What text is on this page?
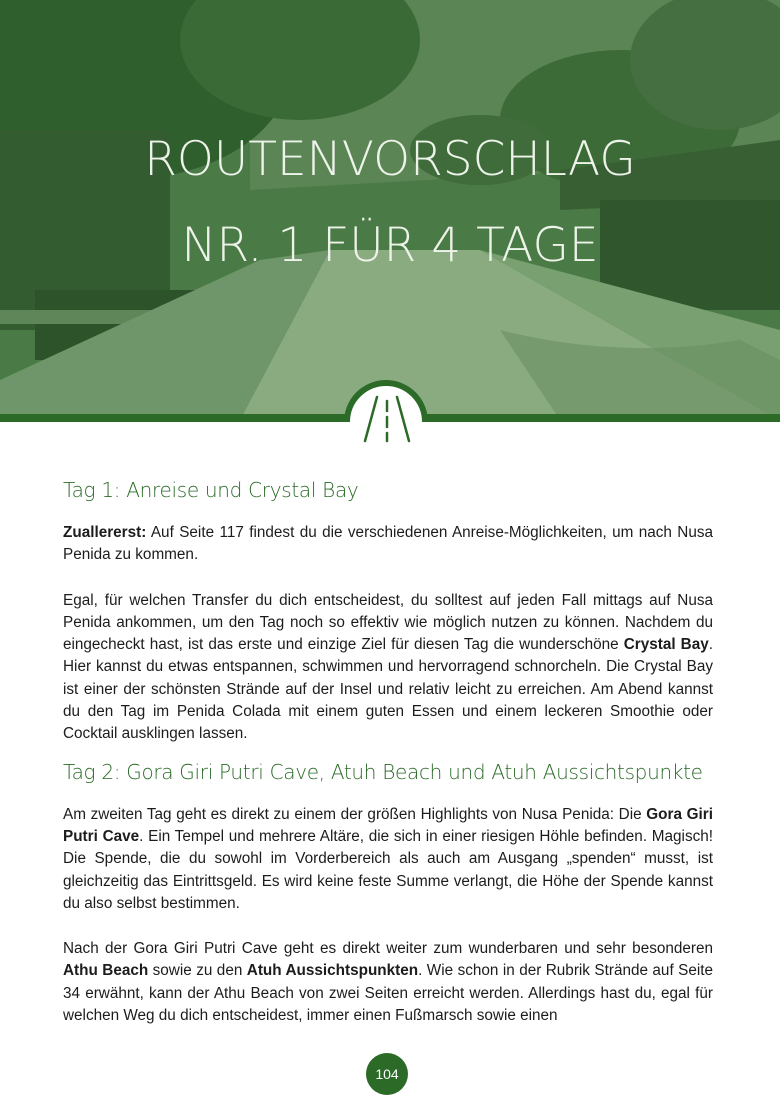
ROUTENVORSCHLAG
NR. 1 FÜR 4 TAGE
Tag 1: Anreise und Crystal Bay

Zuallererst: Auf Seite 117 findest du die verschiedenen Anreise-Möglichkeiten, um nach Nusa Penida zu kommen.

Egal, für welchen Transfer du dich entscheidest, du solltest auf jeden Fall mittags auf Nusa Penida ankommen, um den Tag noch so effektiv wie möglich nutzen zu können. Nachdem du eingecheckt hast, ist das erste und einzige Ziel für diesen Tag die wunderschöne Crystal Bay. Hier kannst du etwas entspannen, schwimmen und hervorragend schnorcheln. Die Crystal Bay ist einer der schönsten Strände auf der Insel und relativ leicht zu erreichen. Am Abend kannst du den Tag im Penida Colada mit einem guten Essen und einem leckeren Smoothie oder Cocktail ausklingen lassen.

Tag 2: Gora Giri Putri Cave, Atuh Beach und Atuh Aussichtspunkte

Am zweiten Tag geht es direkt zu einem der größen Highlights von Nusa Penida: Die Gora Giri Putri Cave. Ein Tempel und mehrere Altäre, die sich in einer riesigen Höhle befinden. Magisch! Die Spende, die du sowohl im Vorderbereich als auch am Ausgang „spenden“ musst, ist gleichzeitig das Eintrittsgeld. Es wird keine feste Summe verlangt, die Höhe der Spende kannst du also selbst bestimmen.

Nach der Gora Giri Putri Cave geht es direkt weiter zum wunderbaren und sehr besonderen Athu Beach sowie zu den Atuh Aussichtspunkten. Wie schon in der Rubrik Strände auf Seite 34 erwähnt, kann der Athu Beach von zwei Seiten erreicht werden. Allerdings hast du, egal für welchen Weg du dich entscheidest, immer einen Fußmarsch sowie einen

104
